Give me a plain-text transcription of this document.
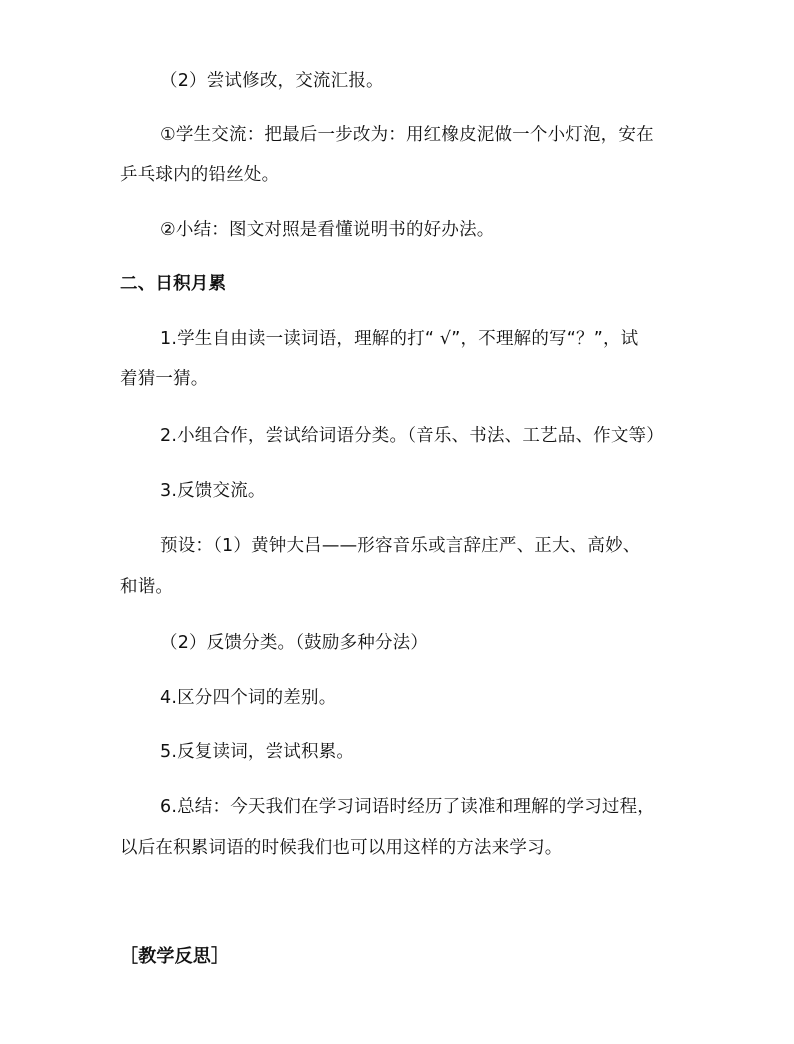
（2）尝试修改，交流汇报。
①学生交流：把最后一步改为：用红橡皮泥做一个小灯泡，安在
乒乓球内的铅丝处。
②小结：图文对照是看懂说明书的好办法。
二、日积月累
1.学生自由读一读词语，理解的打“ √”，不理解的写“？”，试
着猜一猜。
2.小组合作，尝试给词语分类。（音乐、书法、工艺品、作文等）
3.反馈交流。
预设：（1）黄钟大吕——形容音乐或言辞庄严、正大、高妙、
和谐。
（2）反馈分类。（鼓励多种分法）
4.区分四个词的差别。
5.反复读词，尝试积累。
6.总结：今天我们在学习词语时经历了读准和理解的学习过程，
以后在积累词语的时候我们也可以用这样的方法来学习。
［教学反思］
